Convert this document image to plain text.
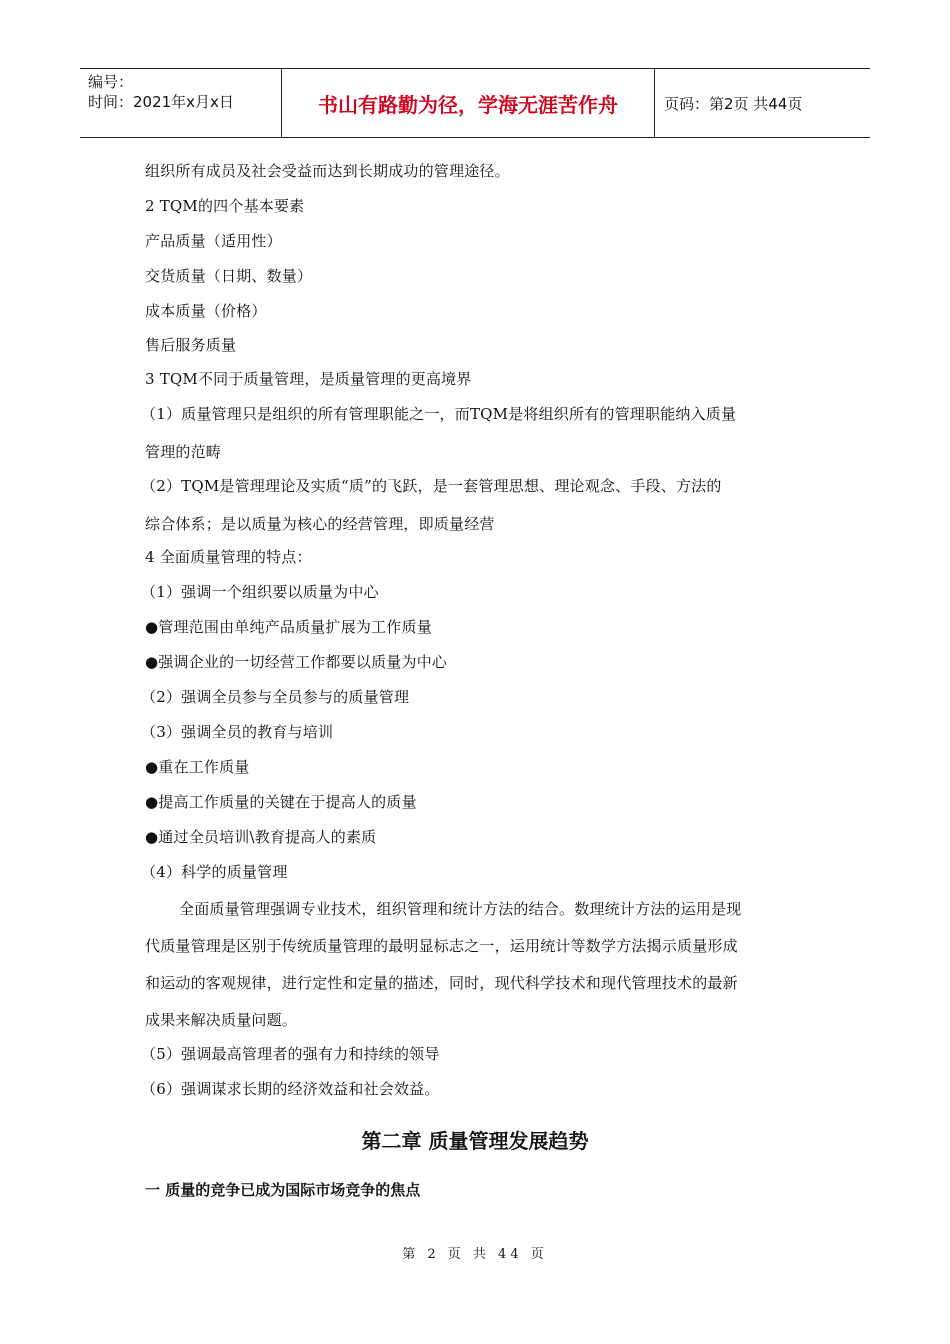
编号：
时间：2021年x月x日	书山有路勤为径，学海无涯苦作舟	页码：第2页 共44页
组织所有成员及社会受益而达到长期成功的管理途径。
2 TQM的四个基本要素
产品质量（适用性）
交货质量（日期、数量）
成本质量（价格）
售后服务质量
3 TQM不同于质量管理，是质量管理的更高境界
（1）质量管理只是组织的所有管理职能之一，而TQM是将组织所有的管理职能纳入质量
管理的范畴
（2）TQM是管理理论及实质“质”的飞跃，是一套管理思想、理论观念、手段、方法的
综合体系；是以质量为核心的经营管理，即质量经营
4 全面质量管理的特点：
（1）强调一个组织要以质量为中心
●管理范围由单纯产品质量扩展为工作质量
●强调企业的一切经营工作都要以质量为中心
（2）强调全员参与全员参与的质量管理
（3）强调全员的教育与培训
●重在工作质量
●提高工作质量的关键在于提高人的质量
●通过全员培训\教育提高人的素质
（4）科学的质量管理
全面质量管理强调专业技术，组织管理和统计方法的结合。数理统计方法的运用是现
代质量管理是区别于传统质量管理的最明显标志之一，运用统计等数学方法揭示质量形成
和运动的客观规律，进行定性和定量的描述，同时，现代科学技术和现代管理技术的最新
成果来解决质量问题。
（5）强调最高管理者的强有力和持续的领导
（6）强调谋求长期的经济效益和社会效益。
第二章 质量管理发展趋势
一 质量的竞争已成为国际市场竞争的焦点
第 2 页 共 44 页
